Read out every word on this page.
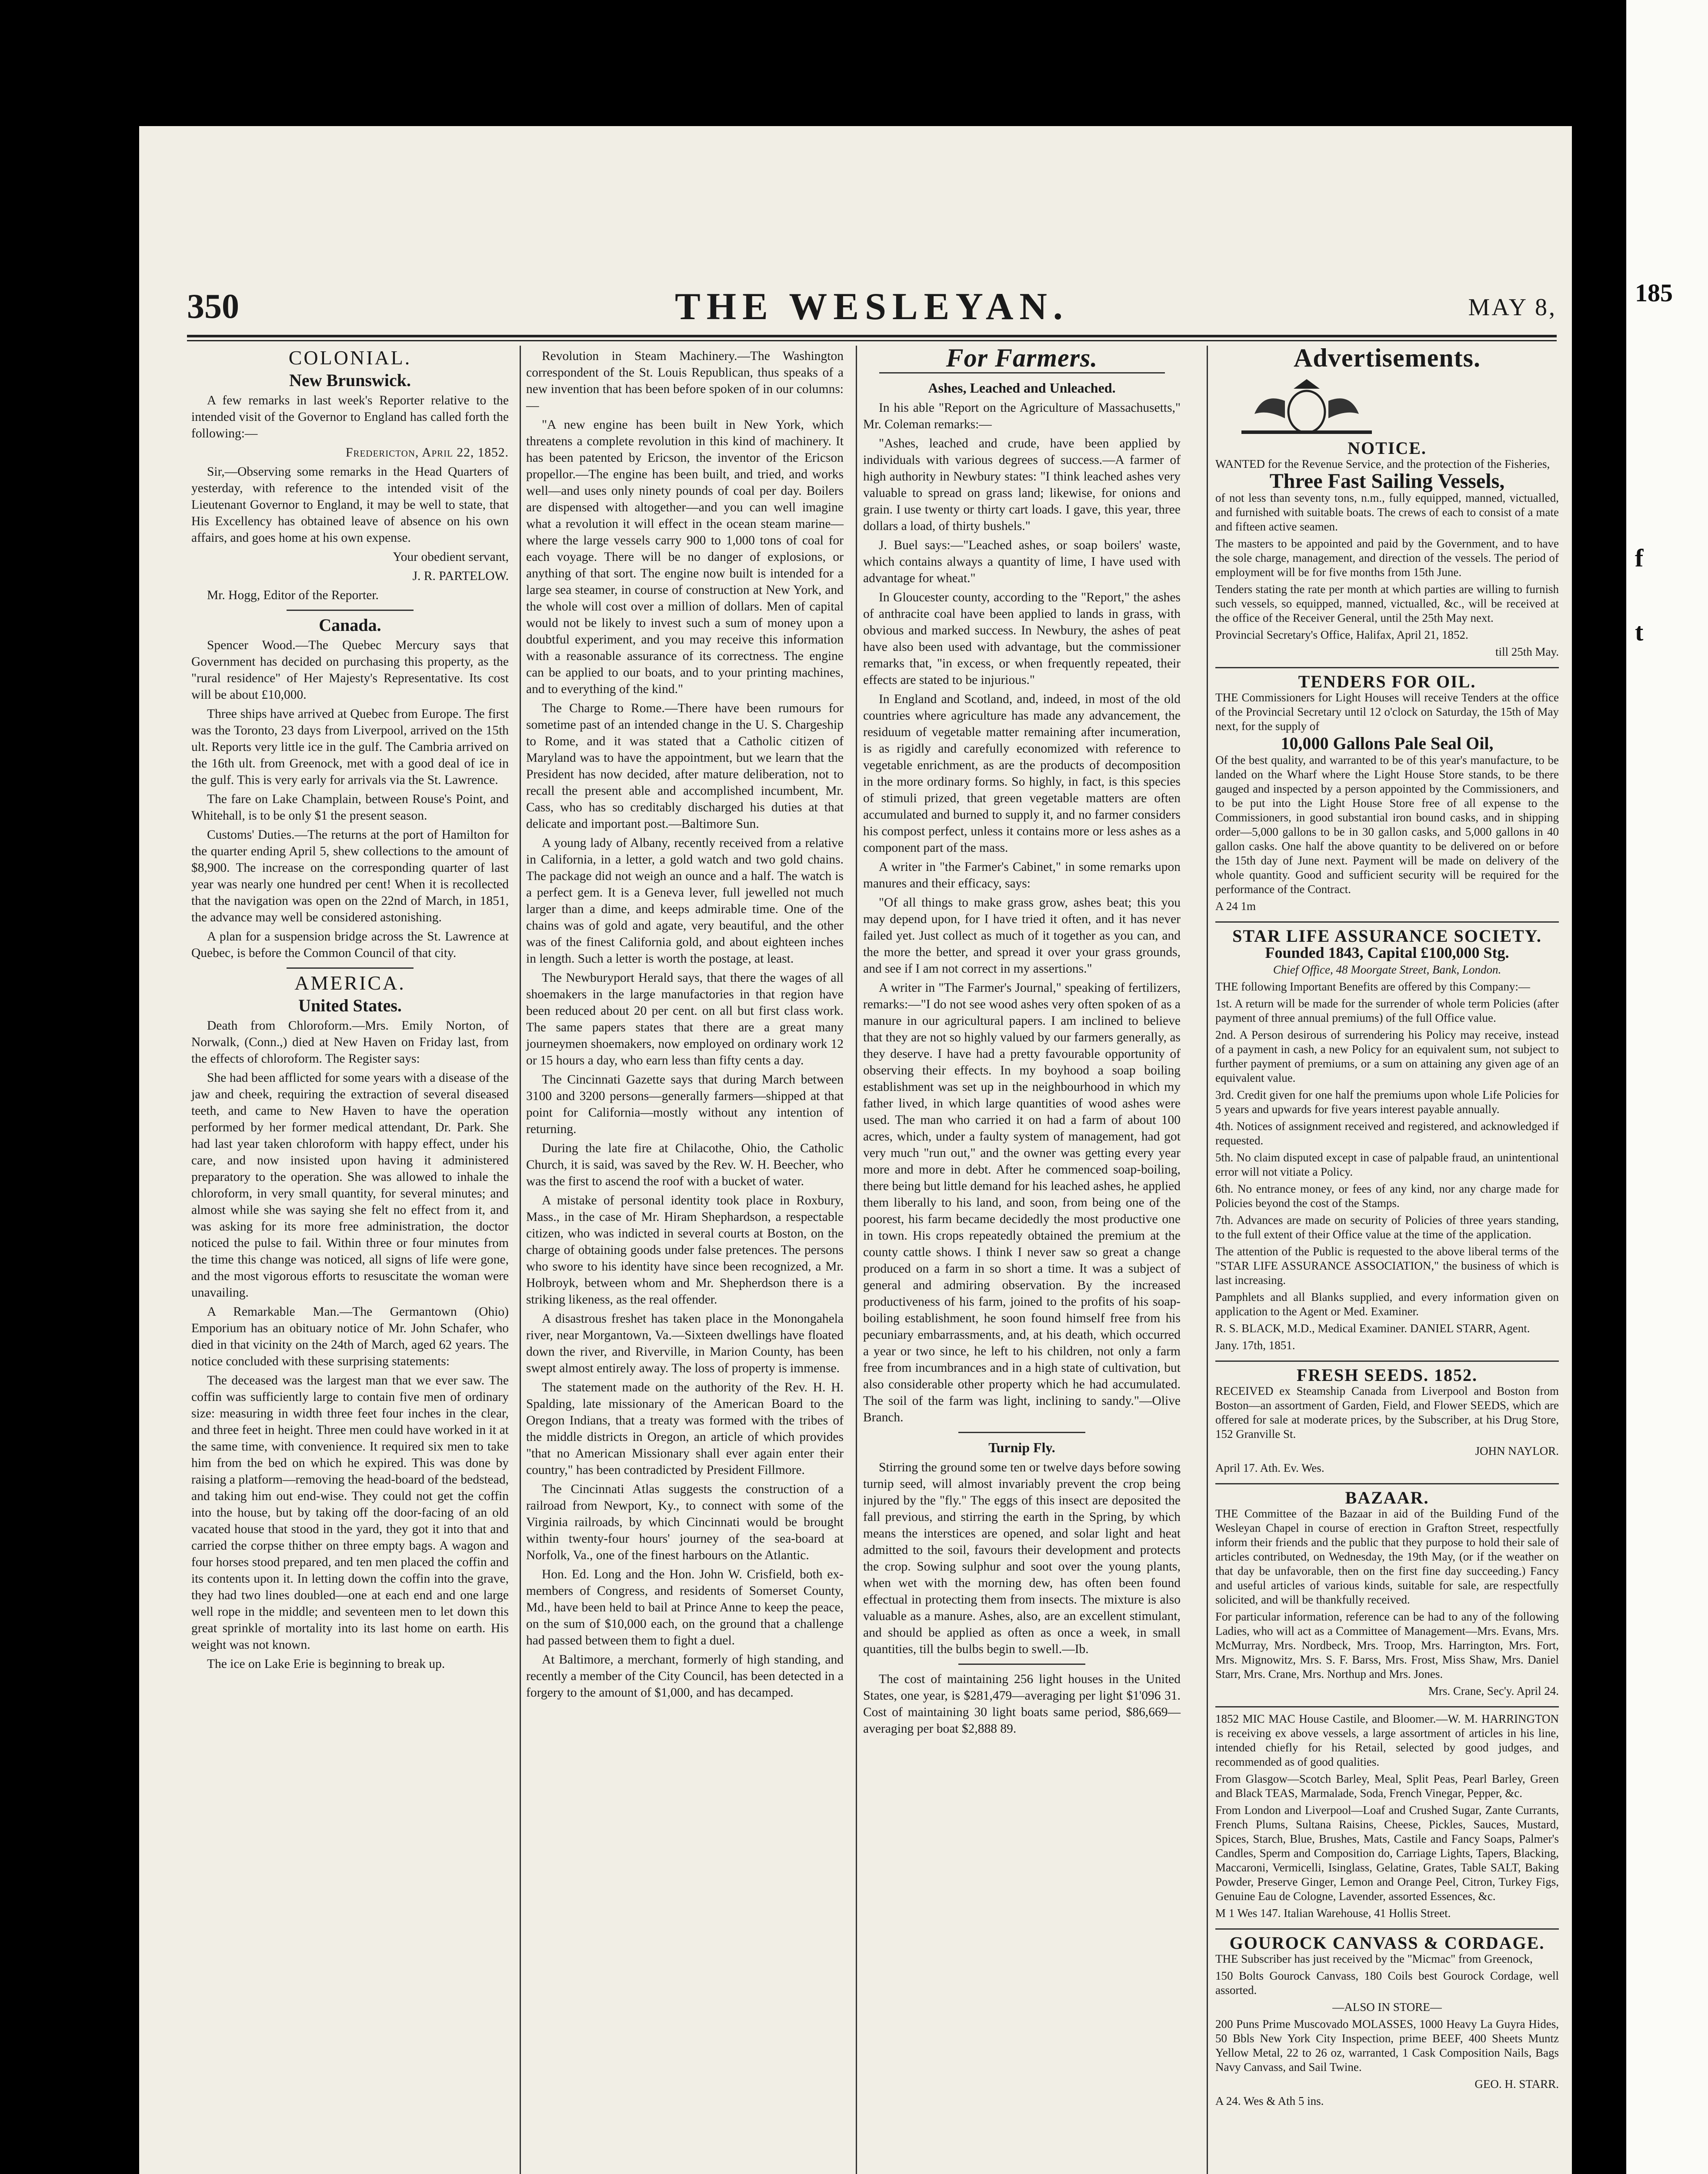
185
f
t
350	THE WESLEYAN.	MAY 8,
COLONIAL.
New Brunswick.

A few remarks in last week's Reporter relative to the intended visit of the Governor to England has called forth the following:—

Fredericton, April 22, 1852.

Sir,—Observing some remarks in the Head Quarters of yesterday, with reference to the intended visit of the Lieutenant Governor to England, it may be well to state, that His Excellency has obtained leave of absence on his own affairs, and goes home at his own expense.

Your obedient servant,

J. R. PARTELOW.

Mr. Hogg, Editor of the Reporter.

Canada.

Spencer Wood.—The Quebec Mercury says that Government has decided on purchasing this property, as the "rural residence" of Her Majesty's Representative. Its cost will be about £10,000.

Three ships have arrived at Quebec from Europe. The first was the Toronto, 23 days from Liverpool, arrived on the 15th ult. Reports very little ice in the gulf. The Cambria arrived on the 16th ult. from Greenock, met with a good deal of ice in the gulf. This is very early for arrivals via the St. Lawrence.

The fare on Lake Champlain, between Rouse's Point, and Whitehall, is to be only $1 the present season.

Customs' Duties.—The returns at the port of Hamilton for the quarter ending April 5, shew collections to the amount of $8,900. The increase on the corresponding quarter of last year was nearly one hundred per cent! When it is recollected that the navigation was open on the 22nd of March, in 1851, the advance may well be considered astonishing.

A plan for a suspension bridge across the St. Lawrence at Quebec, is before the Common Council of that city.

AMERICA.
United States.

Death from Chloroform.—Mrs. Emily Norton, of Norwalk, (Conn.,) died at New Haven on Friday last, from the effects of chloroform. The Register says:

She had been afflicted for some years with a disease of the jaw and cheek, requiring the extraction of several diseased teeth, and came to New Haven to have the operation performed by her former medical attendant, Dr. Park. She had last year taken chloroform with happy effect, under his care, and now insisted upon having it administered preparatory to the operation. She was allowed to inhale the chloroform, in very small quantity, for several minutes; and almost while she was saying she felt no effect from it, and was asking for its more free administration, the doctor noticed the pulse to fail. Within three or four minutes from the time this change was noticed, all signs of life were gone, and the most vigorous efforts to resuscitate the woman were unavailing.

A Remarkable Man.—The Germantown (Ohio) Emporium has an obituary notice of Mr. John Schafer, who died in that vicinity on the 24th of March, aged 62 years. The notice concluded with these surprising statements:

The deceased was the largest man that we ever saw. The coffin was sufficiently large to contain five men of ordinary size: measuring in width three feet four inches in the clear, and three feet in height. Three men could have worked in it at the same time, with convenience. It required six men to take him from the bed on which he expired. This was done by raising a platform—removing the head-board of the bedstead, and taking him out end-wise. They could not get the coffin into the house, but by taking off the door-facing of an old vacated house that stood in the yard, they got it into that and carried the corpse thither on three empty bags. A wagon and four horses stood prepared, and ten men placed the coffin and its contents upon it. In letting down the coffin into the grave, they had two lines doubled—one at each end and one large well rope in the middle; and seventeen men to let down this great sprinkle of mortality into its last home on earth. His weight was not known.

The ice on Lake Erie is beginning to break up.

Revolution in Steam Machinery.—The Washington correspondent of the St. Louis Republican, thus speaks of a new invention that has been before spoken of in our columns:—

"A new engine has been built in New York, which threatens a complete revolution in this kind of machinery. It has been patented by Ericson, the inventor of the Ericson propellor.—The engine has been built, and tried, and works well—and uses only ninety pounds of coal per day. Boilers are dispensed with altogether—and you can well imagine what a revolution it will effect in the ocean steam marine—where the large vessels carry 900 to 1,000 tons of coal for each voyage. There will be no danger of explosions, or anything of that sort. The engine now built is intended for a large sea steamer, in course of construction at New York, and the whole will cost over a million of dollars. Men of capital would not be likely to invest such a sum of money upon a doubtful experiment, and you may receive this information with a reasonable assurance of its correctness. The engine can be applied to our boats, and to your printing machines, and to everything of the kind."

The Charge to Rome.—There have been rumours for sometime past of an intended change in the U. S. Chargeship to Rome, and it was stated that a Catholic citizen of Maryland was to have the appointment, but we learn that the President has now decided, after mature deliberation, not to recall the present able and accomplished incumbent, Mr. Cass, who has so creditably discharged his duties at that delicate and important post.—Baltimore Sun.

A young lady of Albany, recently received from a relative in California, in a letter, a gold watch and two gold chains. The package did not weigh an ounce and a half. The watch is a perfect gem. It is a Geneva lever, full jewelled not much larger than a dime, and keeps admirable time. One of the chains was of gold and agate, very beautiful, and the other was of the finest California gold, and about eighteen inches in length. Such a letter is worth the postage, at least.

The Newburyport Herald says, that there the wages of all shoemakers in the large manufactories in that region have been reduced about 20 per cent. on all but first class work. The same papers states that there are a great many journeymen shoemakers, now employed on ordinary work 12 or 15 hours a day, who earn less than fifty cents a day.

The Cincinnati Gazette says that during March between 3100 and 3200 persons—generally farmers—shipped at that point for California—mostly without any intention of returning.

During the late fire at Chilacothe, Ohio, the Catholic Church, it is said, was saved by the Rev. W. H. Beecher, who was the first to ascend the roof with a bucket of water.

A mistake of personal identity took place in Roxbury, Mass., in the case of Mr. Hiram Shephardson, a respectable citizen, who was indicted in several courts at Boston, on the charge of obtaining goods under false pretences. The persons who swore to his identity have since been recognized, a Mr. Holbroyk, between whom and Mr. Shepherdson there is a striking likeness, as the real offender.

A disastrous freshet has taken place in the Monongahela river, near Morgantown, Va.—Sixteen dwellings have floated down the river, and Riverville, in Marion County, has been swept almost entirely away. The loss of property is immense.

The statement made on the authority of the Rev. H. H. Spalding, late missionary of the American Board to the Oregon Indians, that a treaty was formed with the tribes of the middle districts in Oregon, an article of which provides "that no American Missionary shall ever again enter their country," has been contradicted by President Fillmore.

The Cincinnati Atlas suggests the construction of a railroad from Newport, Ky., to connect with some of the Virginia railroads, by which Cincinnati would be brought within twenty-four hours' journey of the sea-board at Norfolk, Va., one of the finest harbours on the Atlantic.

Hon. Ed. Long and the Hon. John W. Crisfield, both ex-members of Congress, and residents of Somerset County, Md., have been held to bail at Prince Anne to keep the peace, on the sum of $10,000 each, on the ground that a challenge had passed between them to fight a duel.

At Baltimore, a merchant, formerly of high standing, and recently a member of the City Council, has been detected in a forgery to the amount of $1,000, and has decamped.

For Farmers.
Ashes, Leached and Unleached.

In his able "Report on the Agriculture of Massachusetts," Mr. Coleman remarks:—

"Ashes, leached and crude, have been applied by individuals with various degrees of success.—A farmer of high authority in Newbury states: "I think leached ashes very valuable to spread on grass land; likewise, for onions and grain. I use twenty or thirty cart loads. I gave, this year, three dollars a load, of thirty bushels."

J. Buel says:—"Leached ashes, or soap boilers' waste, which contains always a quantity of lime, I have used with advantage for wheat."

In Gloucester county, according to the "Report," the ashes of anthracite coal have been applied to lands in grass, with obvious and marked success. In Newbury, the ashes of peat have also been used with advantage, but the commissioner remarks that, "in excess, or when frequently repeated, their effects are stated to be injurious."

In England and Scotland, and, indeed, in most of the old countries where agriculture has made any advancement, the residuum of vegetable matter remaining after incumeration, is as rigidly and carefully economized with reference to vegetable enrichment, as are the products of decomposition in the more ordinary forms. So highly, in fact, is this species of stimuli prized, that green vegetable matters are often accumulated and burned to supply it, and no farmer considers his compost perfect, unless it contains more or less ashes as a component part of the mass.

A writer in "the Farmer's Cabinet," in some remarks upon manures and their efficacy, says:

"Of all things to make grass grow, ashes beat; this you may depend upon, for I have tried it often, and it has never failed yet. Just collect as much of it together as you can, and the more the better, and spread it over your grass grounds, and see if I am not correct in my assertions."

A writer in "The Farmer's Journal," speaking of fertilizers, remarks:—"I do not see wood ashes very often spoken of as a manure in our agricultural papers. I am inclined to believe that they are not so highly valued by our farmers generally, as they deserve. I have had a pretty favourable opportunity of observing their effects. In my boyhood a soap boiling establishment was set up in the neighbourhood in which my father lived, in which large quantities of wood ashes were used. The man who carried it on had a farm of about 100 acres, which, under a faulty system of management, had got very much "run out," and the owner was getting every year more and more in debt. After he commenced soap-boiling, there being but little demand for his leached ashes, he applied them liberally to his land, and soon, from being one of the poorest, his farm became decidedly the most productive one in town. His crops repeatedly obtained the premium at the county cattle shows. I think I never saw so great a change produced on a farm in so short a time. It was a subject of general and admiring observation. By the increased productiveness of his farm, joined to the profits of his soap-boiling establishment, he soon found himself free from his pecuniary embarrassments, and, at his death, which occurred a year or two since, he left to his children, not only a farm free from incumbrances and in a high state of cultivation, but also considerable other property which he had accumulated. The soil of the farm was light, inclining to sandy."—Olive Branch.

Turnip Fly.

Stirring the ground some ten or twelve days before sowing turnip seed, will almost invariably prevent the crop being injured by the "fly." The eggs of this insect are deposited the fall previous, and stirring the earth in the Spring, by which means the interstices are opened, and solar light and heat admitted to the soil, favours their development and protects the crop. Sowing sulphur and soot over the young plants, when wet with the morning dew, has often been found effectual in protecting them from insects. The mixture is also valuable as a manure. Ashes, also, are an excellent stimulant, and should be applied as often as once a week, in small quantities, till the bulbs begin to swell.—Ib.

The cost of maintaining 256 light houses in the United States, one year, is $281,479—averaging per light $1'096 31. Cost of maintaining 30 light boats same period, $86,669—averaging per boat $2,888 89.

Advertisements.
NOTICE.

WANTED for the Revenue Service, and the protection of the Fisheries,

Three Fast Sailing Vessels,

of not less than seventy tons, n.m., fully equipped, manned, victualled, and furnished with suitable boats. The crews of each to consist of a mate and fifteen active seamen.

The masters to be appointed and paid by the Government, and to have the sole charge, management, and direction of the vessels. The period of employment will be for five months from 15th June.

Tenders stating the rate per month at which parties are willing to furnish such vessels, so equipped, manned, victualled, &c., will be received at the office of the Receiver General, until the 25th May next.

Provincial Secretary's Office, Halifax, April 21, 1852.

till 25th May.

TENDERS FOR OIL.

THE Commissioners for Light Houses will receive Tenders at the office of the Provincial Secretary until 12 o'clock on Saturday, the 15th of May next, for the supply of

10,000 Gallons Pale Seal Oil,

Of the best quality, and warranted to be of this year's manufacture, to be landed on the Wharf where the Light House Store stands, to be there gauged and inspected by a person appointed by the Commissioners, and to be put into the Light House Store free of all expense to the Commissioners, in good substantial iron bound casks, and in shipping order—5,000 gallons to be in 30 gallon casks, and 5,000 gallons in 40 gallon casks. One half the above quantity to be delivered on or before the 15th day of June next. Payment will be made on delivery of the whole quantity. Good and sufficient security will be required for the performance of the Contract.

A 24 1m

STAR LIFE ASSURANCE SOCIETY.
Founded 1843, Capital £100,000 Stg.

Chief Office, 48 Moorgate Street, Bank, London.

THE following Important Benefits are offered by this Company:—

1st. A return will be made for the surrender of whole term Policies (after payment of three annual premiums) of the full Office value.

2nd. A Person desirous of surrendering his Policy may receive, instead of a payment in cash, a new Policy for an equivalent sum, not subject to further payment of premiums, or a sum on attaining any given age of an equivalent value.

3rd. Credit given for one half the premiums upon whole Life Policies for 5 years and upwards for five years interest payable annually.

4th. Notices of assignment received and registered, and acknowledged if requested.

5th. No claim disputed except in case of palpable fraud, an unintentional error will not vitiate a Policy.

6th. No entrance money, or fees of any kind, nor any charge made for Policies beyond the cost of the Stamps.

7th. Advances are made on security of Policies of three years standing, to the full extent of their Office value at the time of the application.

The attention of the Public is requested to the above liberal terms of the "STAR LIFE ASSURANCE ASSOCIATION," the business of which is last increasing.

Pamphlets and all Blanks supplied, and every information given on application to the Agent or Med. Examiner.

R. S. BLACK, M.D., Medical Examiner. DANIEL STARR, Agent.

Jany. 17th, 1851.

FRESH SEEDS. 1852.

RECEIVED ex Steamship Canada from Liverpool and Boston from Boston—an assortment of Garden, Field, and Flower SEEDS, which are offered for sale at moderate prices, by the Subscriber, at his Drug Store, 152 Granville St.

JOHN NAYLOR.

April 17. Ath. Ev. Wes.

BAZAAR.

THE Committee of the Bazaar in aid of the Building Fund of the Wesleyan Chapel in course of erection in Grafton Street, respectfully inform their friends and the public that they purpose to hold their sale of articles contributed, on Wednesday, the 19th May, (or if the weather on that day be unfavorable, then on the first fine day succeeding.) Fancy and useful articles of various kinds, suitable for sale, are respectfully solicited, and will be thankfully received.

For particular information, reference can be had to any of the following Ladies, who will act as a Committee of Management—Mrs. Evans, Mrs. McMurray, Mrs. Nordbeck, Mrs. Troop, Mrs. Harrington, Mrs. Fort, Mrs. Mignowitz, Mrs. S. F. Barss, Mrs. Frost, Miss Shaw, Mrs. Daniel Starr, Mrs. Crane, Mrs. Northup and Mrs. Jones.

Mrs. Crane, Sec'y. April 24.

1852 MIC MAC House Castile, and Bloomer.—W. M. HARRINGTON is receiving ex above vessels, a large assortment of articles in his line, intended chiefly for his Retail, selected by good judges, and recommended as of good qualities.

From Glasgow—Scotch Barley, Meal, Split Peas, Pearl Barley, Green and Black TEAS, Marmalade, Soda, French Vinegar, Pepper, &c.

From London and Liverpool—Loaf and Crushed Sugar, Zante Currants, French Plums, Sultana Raisins, Cheese, Pickles, Sauces, Mustard, Spices, Starch, Blue, Brushes, Mats, Castile and Fancy Soaps, Palmer's Candles, Sperm and Composition do, Carriage Lights, Tapers, Blacking, Maccaroni, Vermicelli, Isinglass, Gelatine, Grates, Table SALT, Baking Powder, Preserve Ginger, Lemon and Orange Peel, Citron, Turkey Figs, Genuine Eau de Cologne, Lavender, assorted Essences, &c.

M 1 Wes 147. Italian Warehouse, 41 Hollis Street.

GOUROCK CANVASS & CORDAGE.

THE Subscriber has just received by the "Micmac" from Greenock,

150 Bolts Gourock Canvass, 180 Coils best Gourock Cordage, well assorted.

—ALSO IN STORE—

200 Puns Prime Muscovado MOLASSES, 1000 Heavy La Guyra Hides, 50 Bbls New York City Inspection, prime BEEF, 400 Sheets Muntz Yellow Metal, 22 to 26 oz, warranted, 1 Cask Composition Nails, Bags Navy Canvass, and Sail Twine.

GEO. H. STARR.

A 24. Wes & Ath 5 ins.
